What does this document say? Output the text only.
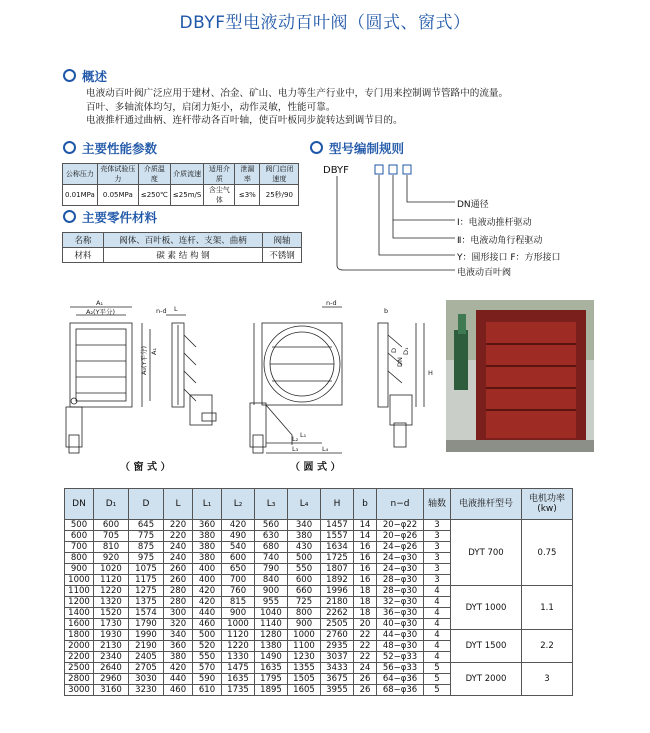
DBYF型电液动百叶阀（圆式、窗式）
概述
电液动百叶阀广泛应用于建材、冶金、矿山、电力等生产行业中，专门用来控制调节管路中的流量。
百叶、多轴流体均匀，启闭力矩小，动作灵敏，性能可靠。
电液推杆通过曲柄、连杆带动各百叶轴，使百叶板同步旋转达到调节目的。
主要性能参数
公称压力	壳体试验压力	介质温度	介质流速	适用介质	泄漏率	阀门启闭速度
0.01MPa	0.05MPa	≤250℃	≤25m/S	含尘气体	≤3%	25秒/90
主要零件材料
名称	阀体、百叶板、连杆、支架、曲柄	阀轴
材料	碳 素 结 构 钢	不锈钢
型号编制规则
DBYF
DN通径
Ⅰ：电液动推杆驱动
Ⅱ：电液动角行程驱动
Y：圆形接口 F：方形接口
电液动百叶阀
A₁
A₂(Y平分)	n-d
A₀(Y平分) A₁
L
L₁
L₂
L₃	L₄
H
b
D₁
DN
D
n-d
（ 窗 式 ）	（ 圆 式 ）
DN	D₁	D	L	L₁	L₂	L₃	L₄	H	b	n−d	轴数	电液推杆型号	电机功率(kw)
500	600	645	220	360	420	560	340	1457	14	20−φ22	3	DYT 700	0.75
600	705	775	220	380	490	630	380	1557	14	20−φ26	3		
700	810	875	240	380	540	680	430	1634	16	24−φ26	3		
800	920	975	240	380	600	740	500	1725	16	24−φ30	3		
900	1020	1075	260	400	650	790	550	1807	16	24−φ30	3		
1000	1120	1175	260	400	700	840	600	1892	16	28−φ30	3		
1100	1220	1275	280	420	760	900	660	1996	18	28−φ30	4	DYT 1000	1.1
1200	1320	1375	280	420	815	955	725	2180	18	32−φ30	4		
1400	1520	1574	300	440	900	1040	800	2262	18	36−φ30	4		
1600	1730	1790	320	460	1000	1140	900	2505	20	40−φ30	4		
1800	1930	1990	340	500	1120	1280	1000	2760	22	44−φ30	4	DYT 1500	2.2
2000	2130	2190	360	520	1220	1380	1100	2935	22	48−φ30	4		
2200	2340	2405	380	550	1330	1490	1230	3037	22	52−φ33	4		
2500	2640	2705	420	570	1475	1635	1355	3433	24	56−φ33	5	DYT 2000	3
2800	2960	3030	440	590	1635	1795	1505	3675	26	64−φ36	5		
3000	3160	3230	460	610	1735	1895	1605	3955	26	68−φ36	5		
